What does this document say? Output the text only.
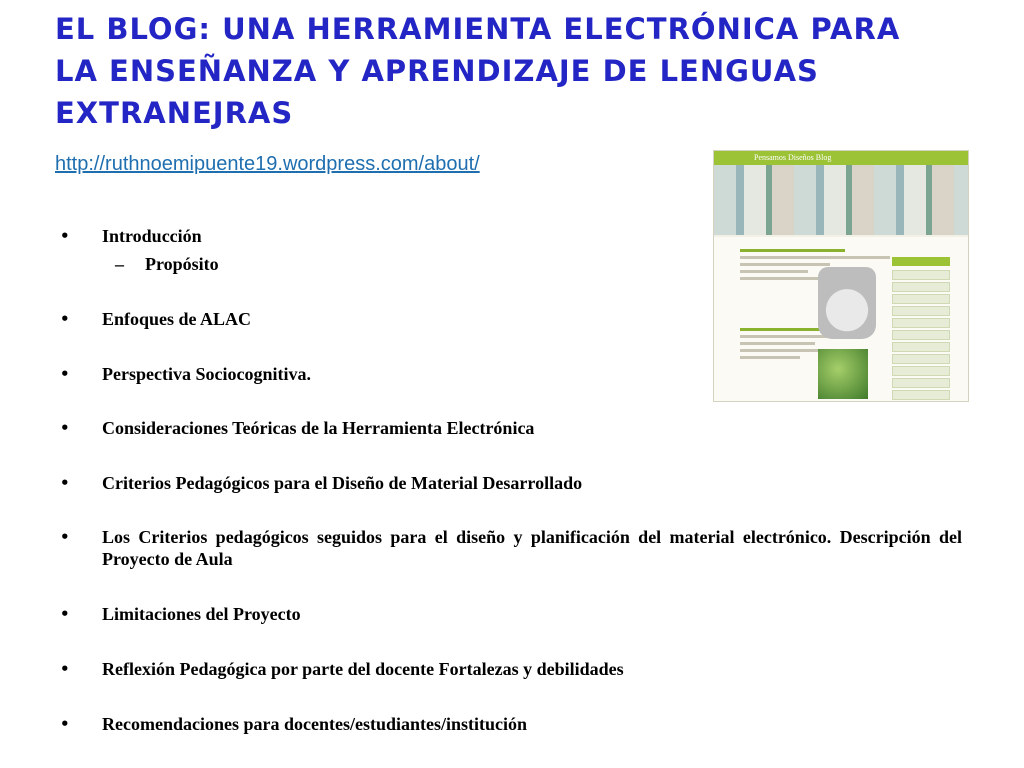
EL BLOG: UNA HERRAMIENTA ELECTRÓNICA PARA LA ENSEÑANZA Y APRENDIZAJE DE LENGUAS EXTRANEJRAS
http://ruthnoemipuente19.wordpress.com/about/	Pensamos Diseños Blog
• Introducción
– Propósito
• Enfoques de ALAC
• Perspectiva Sociocognitiva.
• Consideraciones Teóricas de la Herramienta Electrónica
• Criterios Pedagógicos para el Diseño de Material Desarrollado
• Los Criterios pedagógicos seguidos para el diseño y planificación del material electrónico. Descripción del Proyecto de Aula
• Limitaciones del Proyecto
• Reflexión Pedagógica por parte del docente Fortalezas y debilidades
• Recomendaciones para docentes/estudiantes/institución
